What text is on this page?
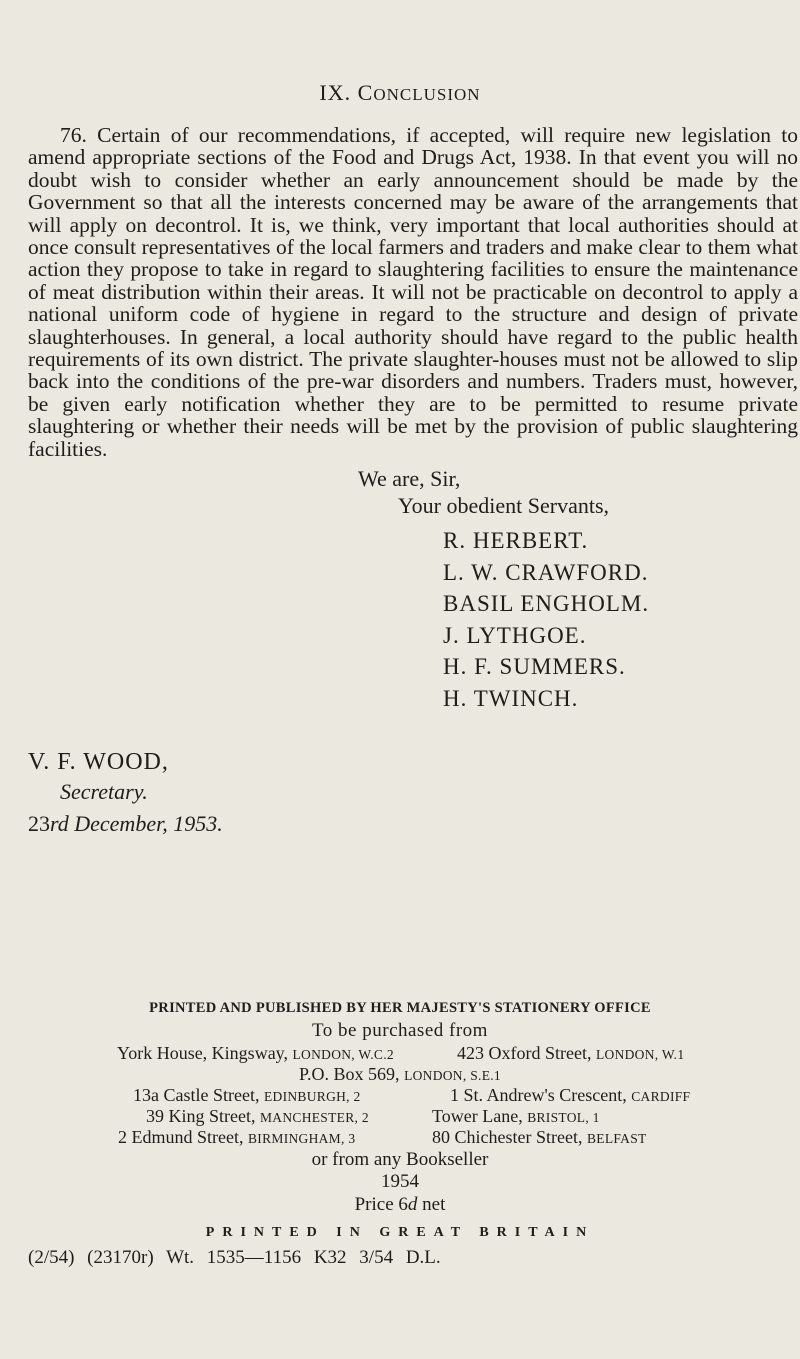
IX. CONCLUSION

76. Certain of our recommendations, if accepted, will require new legislation to amend appropriate sections of the Food and Drugs Act, 1938. In that event you will no doubt wish to consider whether an early announcement should be made by the Government so that all the interests concerned may be aware of the arrangements that will apply on decontrol. It is, we think, very important that local authorities should at once consult representatives of the local farmers and traders and make clear to them what action they propose to take in regard to slaughtering facilities to ensure the maintenance of meat distribution within their areas. It will not be practicable on decontrol to apply a national uniform code of hygiene in regard to the structure and design of private slaughterhouses. In general, a local authority should have regard to the public health requirements of its own district. The private slaughter-houses must not be allowed to slip back into the conditions of the pre-war disorders and numbers. Traders must, however, be given early notification whether they are to be permitted to resume private slaughtering or whether their needs will be met by the provision of public slaughtering facilities.

We are, Sir,
Your obedient Servants,
R. HERBERT.
L. W. CRAWFORD.
BASIL ENGHOLM.
J. LYTHGOE.
H. F. SUMMERS.
H. TWINCH.
V. F. WOOD,
Secretary.
23rd December, 1953.
PRINTED AND PUBLISHED BY HER MAJESTY'S STATIONERY OFFICE
To be purchased from
York House, Kingsway, LONDON, W.C.2	423 Oxford Street, LONDON, W.1
P.O. Box 569, LONDON, S.E.1
13a Castle Street, EDINBURGH, 2	1 St. Andrew's Crescent, CARDIFF
39 King Street, MANCHESTER, 2	Tower Lane, BRISTOL, 1
2 Edmund Street, BIRMINGHAM, 3	80 Chichester Street, BELFAST
or from any Bookseller
1954
Price 6d net
PRINTED IN GREAT BRITAIN
(2/54) (23170r) Wt. 1535—1156 K32 3/54 D.L.
